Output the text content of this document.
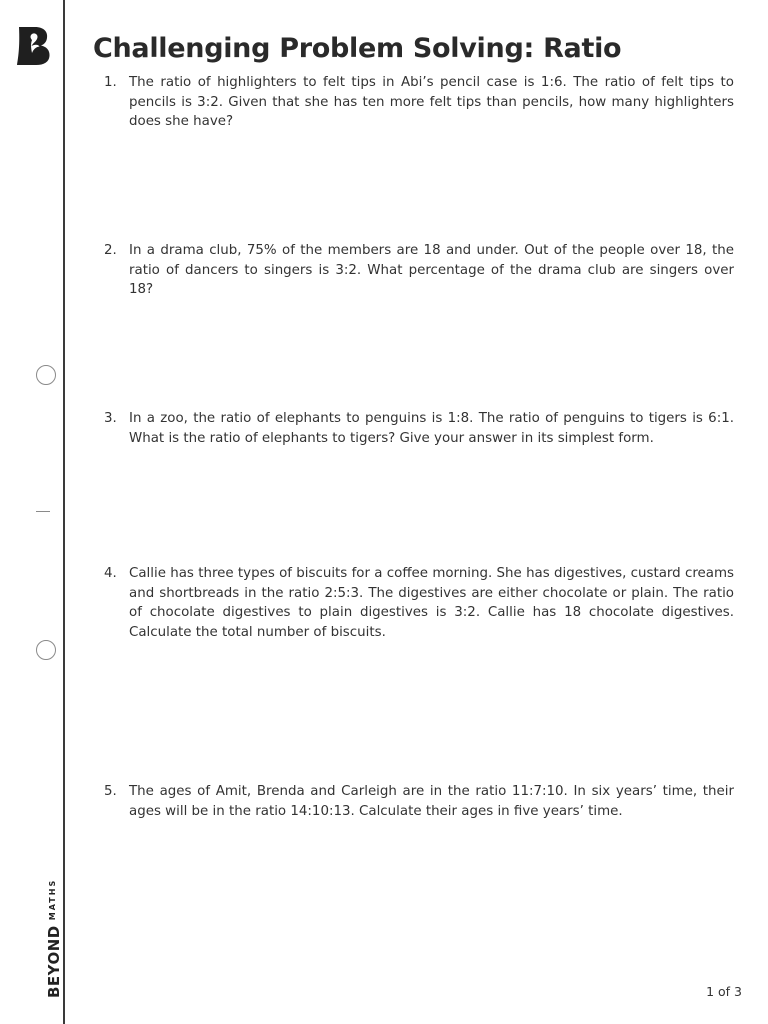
$BEYOND^{MATHS}$
Challenging Problem Solving: Ratio
1. The ratio of highlighters to felt tips in Abi’s pencil case is 1:6. The ratio of felt tips to pencils is 3:2. Given that she has ten more felt tips than pencils, how many highlighters does she have?
2. In a drama club, 75% of the members are 18 and under. Out of the people over 18, the ratio of dancers to singers is 3:2. What percentage of the drama club are singers over 18?
3. In a zoo, the ratio of elephants to penguins is 1:8. The ratio of penguins to tigers is 6:1. What is the ratio of elephants to tigers? Give your answer in its simplest form.
4. Callie has three types of biscuits for a coffee morning. She has digestives, custard creams and shortbreads in the ratio 2:5:3. The digestives are either chocolate or plain. The ratio of chocolate digestives to plain digestives is 3:2. Callie has 18 chocolate digestives. Calculate the total number of biscuits.
5. The ages of Amit, Brenda and Carleigh are in the ratio 11:7:10. In six years’ time, their ages will be in the ratio 14:10:13. Calculate their ages in five years’ time.
1 of 3
